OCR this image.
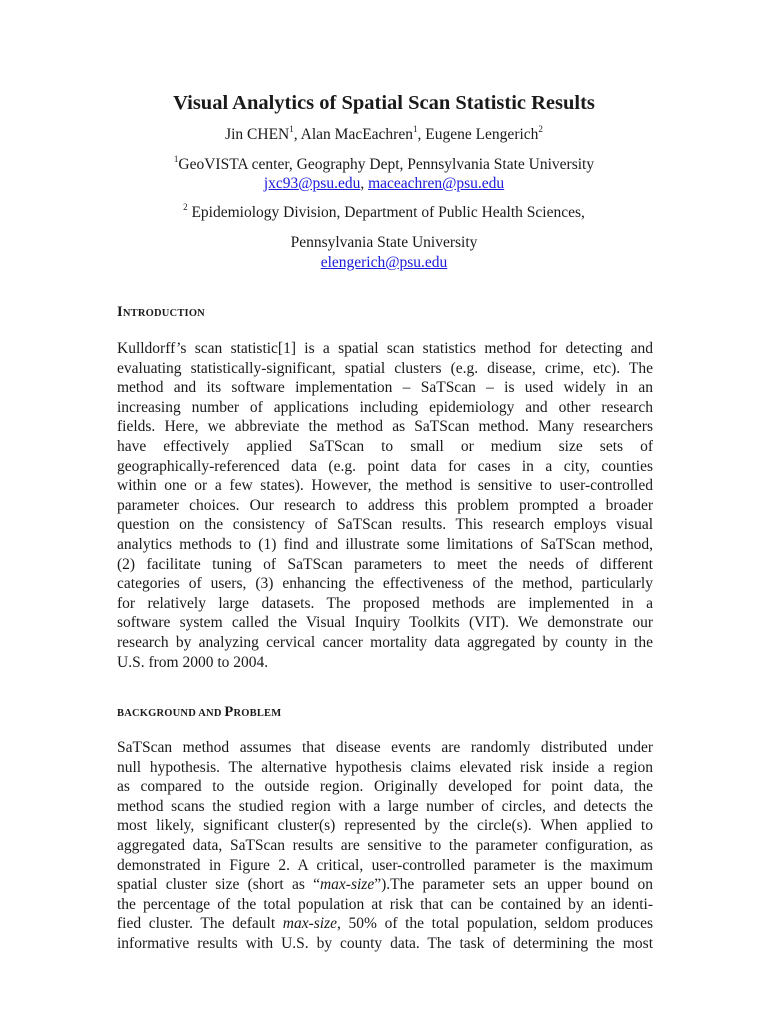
Visual Analytics of Spatial Scan Statistic Results
Jin CHEN$^1$, Alan MacEachren$^1$, Eugene Lengerich$^2$
$^1$GeoVISTA center, Geography Dept, Pennsylvania State University
jxc93@psu.edu, maceachren@psu.edu
$^2$ Epidemiology Division, Department of Public Health Sciences,
Pennsylvania State University
elengerich@psu.edu
INTRODUCTION
Kulldorff’s scan statistic[1] is a spatial scan statistics method for detecting and
evaluating statistically-significant, spatial clusters (e.g. disease, crime, etc). The
method and its software implementation – SaTScan – is used widely in an
increasing number of applications including epidemiology and other research
fields. Here, we abbreviate the method as SaTScan method. Many researchers
have effectively applied SaTScan to small or medium size sets of
geographically-referenced data (e.g. point data for cases in a city, counties
within one or a few states). However, the method is sensitive to user-controlled
parameter choices. Our research to address this problem prompted a broader
question on the consistency of SaTScan results. This research employs visual
analytics methods to (1) find and illustrate some limitations of SaTScan method,
(2) facilitate tuning of SaTScan parameters to meet the needs of different
categories of users, (3) enhancing the effectiveness of the method, particularly
for relatively large datasets. The proposed methods are implemented in a
software system called the Visual Inquiry Toolkits (VIT). We demonstrate our
research by analyzing cervical cancer mortality data aggregated by county in the
U.S. from 2000 to 2004.
BACKGROUND AND PROBLEM
SaTScan method assumes that disease events are randomly distributed under
null hypothesis. The alternative hypothesis claims elevated risk inside a region
as compared to the outside region. Originally developed for point data, the
method scans the studied region with a large number of circles, and detects the
most likely, significant cluster(s) represented by the circle(s). When applied to
aggregated data, SaTScan results are sensitive to the parameter configuration, as
demonstrated in Figure 2. A critical, user-controlled parameter is the maximum
spatial cluster size (short as “max-size”).The parameter sets an upper bound on
the percentage of the total population at risk that can be contained by an identi-
fied cluster. The default max-size, 50% of the total population, seldom produces
informative results with U.S. by county data. The task of determining the most
